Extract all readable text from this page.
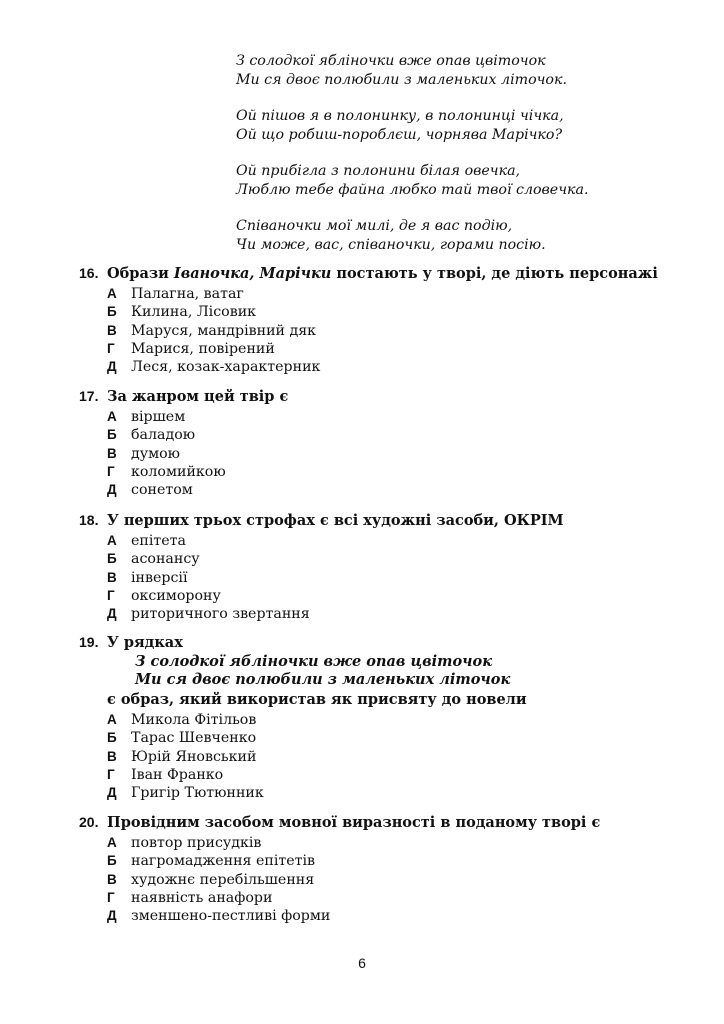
З солодкої яблiночки вже опав цвiточок
Ми ся двоє полюбили з маленьких лiточок.
Ой пiшов я в полонинку, в полонинцi чiчка,
Ой що робиш-пороблєш, чорнява Марiчко?
Ой прибiгла з полонини бiлая овечка,
Люблю тебе файна любко тай твої словечка.
Спiваночки мої милi, де я вас подiю,
Чи може, вас, спiваночки, горами посiю.
16. Образи Iваночка, Марiчки постають у творi, де дiють персонажi
А	Палагна, ватаг
Б	Килина, Лiсовик
В	Маруся, мандрiвний дяк
Г	Марися, повiрений
Д	Леся, козак-характерник
17. За жанром цей твiр є
А	вiршем
Б	баладою
В	думою
Г	коломийкою
Д	сонетом
18. У перших трьох строфах є всi художнi засоби, ОКРIМ
А	епiтета
Б	асонансу
В	iнверсiї
Г	оксиморону
Д	риторичного звертання
19. У рядках
З солодкої яблiночки вже опав цвiточок
Ми ся двоє полюбили з маленьких лiточок
є образ, який використав як присвяту до новели
А	Микола Фiтiльов
Б	Тарас Шевченко
В	Юрiй Яновський
Г	Iван Франко
Д	Григiр Тютюнник
20. Провiдним засобом мовної виразностi в поданому творi є
А	повтор присудкiв
Б	нагромадження епiтетiв
В	художнє перебiльшення
Г	наявнiсть анафори
Д	зменшено-пестливi форми
6
